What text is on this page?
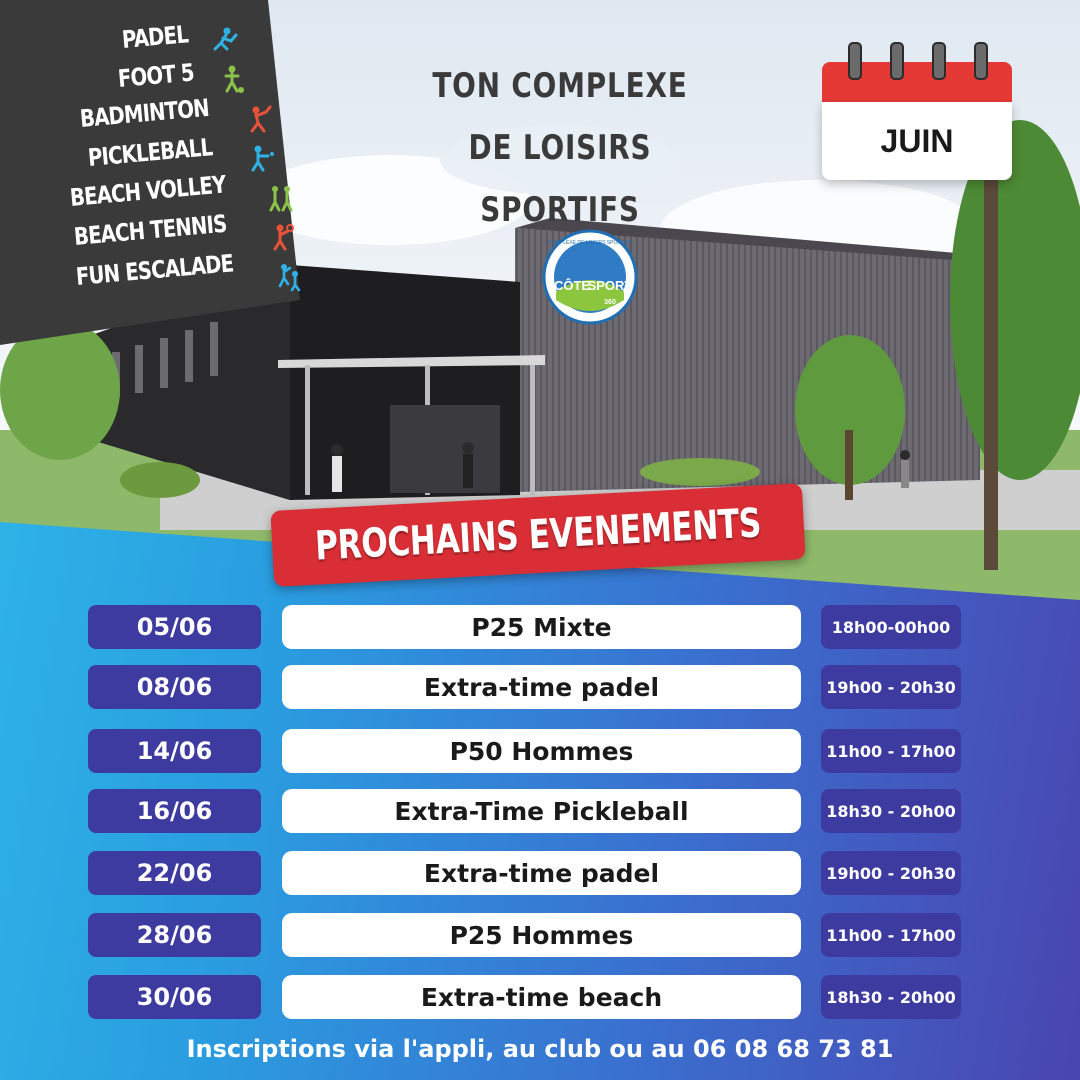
CÔTE
SPORT
360
COMPLEXE DE LOISIRS SPORTIFS
PADEL
FOOT 5
BADMINTON
PICKLEBALL
BEACH VOLLEY
BEACH TENNIS
FUN ESCALADE
TON COMPLEXE
DE LOISIRS SPORTIFS
JUIN
PROCHAINS EVENEMENTS
05/06	P25 Mixte	18h00-00h00
08/06	Extra-time padel	19h00 - 20h30
14/06	P50 Hommes	11h00 - 17h00
16/06	Extra-Time Pickleball	18h30 - 20h00
22/06	Extra-time padel	19h00 - 20h30
28/06	P25 Hommes	11h00 - 17h00
30/06	Extra-time beach	18h30 - 20h00
Inscriptions via l'appli, au club ou au 06 08 68 73 81
